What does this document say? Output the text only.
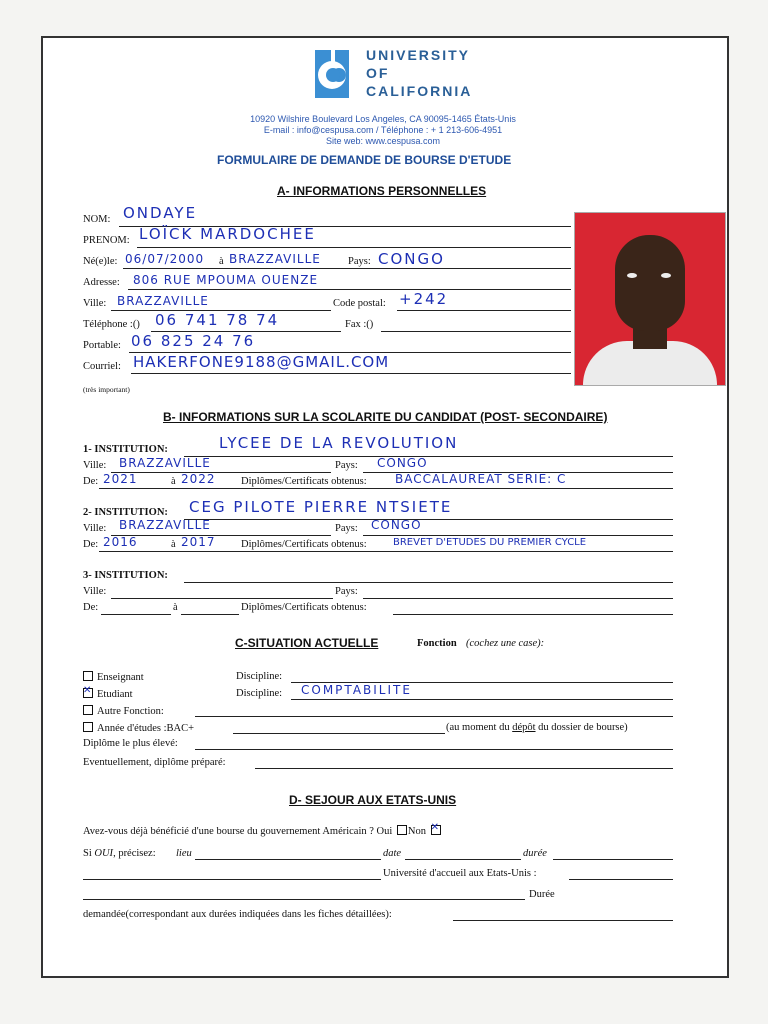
UNIVERSITY
OF
CALIFORNIA
10920 Wilshire Boulevard Los Angeles, CA 90095-1465 États-Unis
E-mail : info@cespusa.com / Téléphone : + 1 213-606-4951
Site web: www.cespusa.com
FORMULAIRE DE DEMANDE DE BOURSE D'ETUDE
A- INFORMATIONS PERSONNELLES
NOM: ONDAYE
PRENOM: LOÏCK MARDOCHEE
Né(e)le: 06/07/2000 à BRAZZAVILLE	Pays: CONGO
Adresse: 806 RUE MPOUMA OUENZE
Ville: BRAZZAVILLE	Code postal: +242
Téléphone :() 06 741 78 74	Fax :()
Portable: 06 825 24 76
Courriel: HAKERFONE9188@GMAIL.COM
(très important)
B- INFORMATIONS SUR LA SCOLARITE DU CANDIDAT (POST- SECONDAIRE)
1- INSTITUTION:	LYCEE DE LA REVOLUTION
Ville: BRAZZAVILLE	Pays: CONGO
De: 2021	à 2022 Diplômes/Certificats obtenus: BACCALAUREAT SERIE: C
2- INSTITUTION: CEG PILOTE PIERRE NTSIETE
Ville: BRAZZAVILLE	Pays: CONGO
De: 2016	à 2017 Diplômes/Certificats obtenus:	BREVET D'ETUDES DU PREMIER CYCLE
3- INSTITUTION:
Ville:	Pays:
De:	à	Diplômes/Certificats obtenus:
C-SITUATION ACTUELLE	Fonction (cochez une case):
Enseignant	Discipline:
✕Etudiant	Discipline: COMPTABILITE
Autre Fonction:
Année d'études :BAC+	(au moment du dépôt du dossier de bourse)
Diplôme le plus élevé:
Eventuellement, diplôme préparé:
D- SEJOUR AUX ETATS-UNIS
Avez-vous déjà bénéficié d'une bourse du gouvernement Américain ? Oui Non ✕
Si OUI, précisez: lieu	date	durée
Université d'accueil aux Etats-Unis :
Durée
demandée(correspondant aux durées indiquées dans les fiches détaillées):
